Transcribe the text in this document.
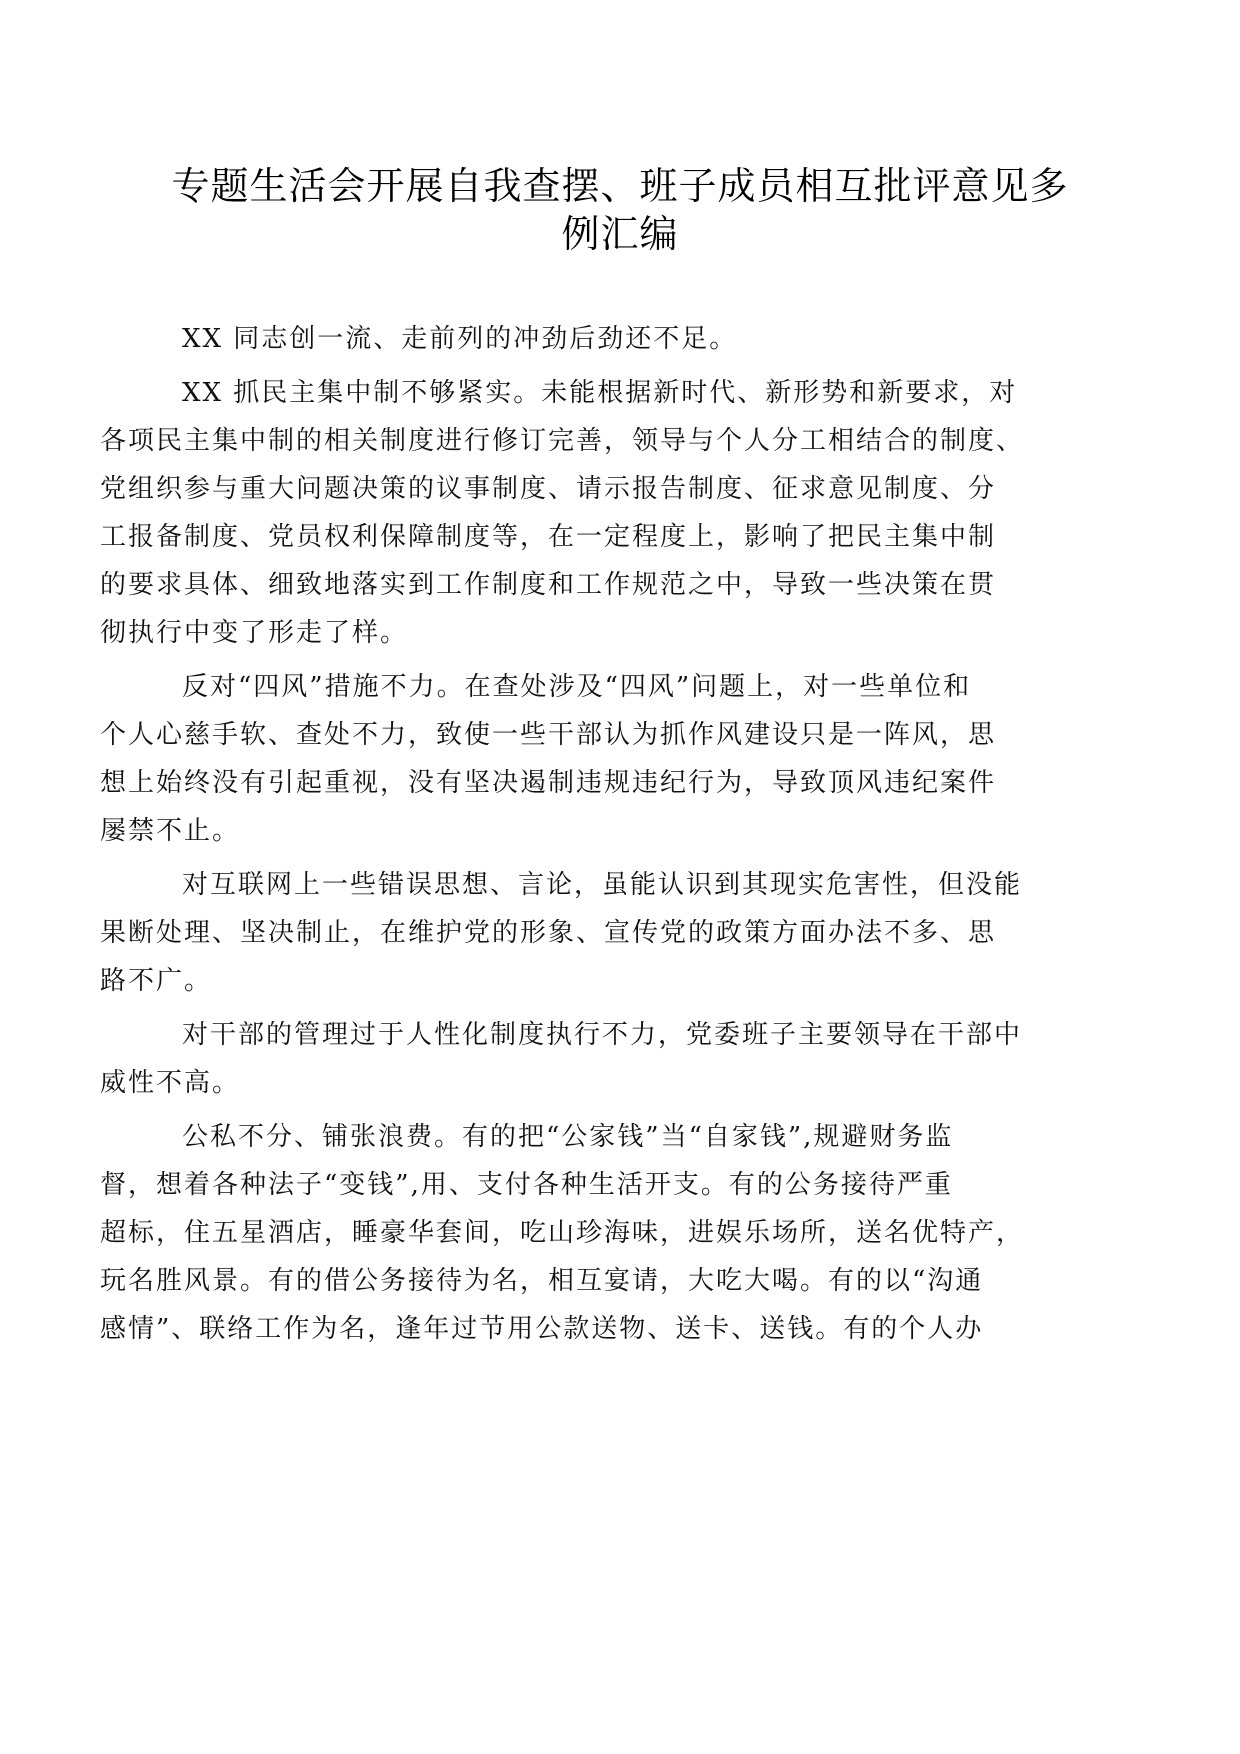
专题生活会开展自我查摆、班子成员相互批评意见多
例汇编

XX 同志创一流、走前列的冲劲后劲还不足。

XX 抓民主集中制不够紧实。未能根据新时代、新形势和新要求，对
各项民主集中制的相关制度进行修订完善，领导与个人分工相结合的制度、
党组织参与重大问题决策的议事制度、请示报告制度、征求意见制度、分
工报备制度、党员权利保障制度等，在一定程度上，影响了把民主集中制
的要求具体、细致地落实到工作制度和工作规范之中，导致一些决策在贯
彻执行中变了形走了样。

反对“四风”措施不力。在查处涉及“四风”问题上，对一些单位和
个人心慈手软、查处不力，致使一些干部认为抓作风建设只是一阵风，思
想上始终没有引起重视，没有坚决遏制违规违纪行为，导致顶风违纪案件
屡禁不止。

对互联网上一些错误思想、言论，虽能认识到其现实危害性，但没能
果断处理、坚决制止，在维护党的形象、宣传党的政策方面办法不多、思
路不广。

对干部的管理过于人性化制度执行不力，党委班子主要领导在干部中
威性不高。

公私不分、铺张浪费。有的把“公家钱”当“自家钱”,规避财务监
督，想着各种法子“变钱”,用、支付各种生活开支。有的公务接待严重
超标，住五星酒店，睡豪华套间，吃山珍海味，进娱乐场所，送名优特产，
玩名胜风景。有的借公务接待为名，相互宴请，大吃大喝。有的以“沟通
感情”、联络工作为名，逢年过节用公款送物、送卡、送钱。有的个人办
